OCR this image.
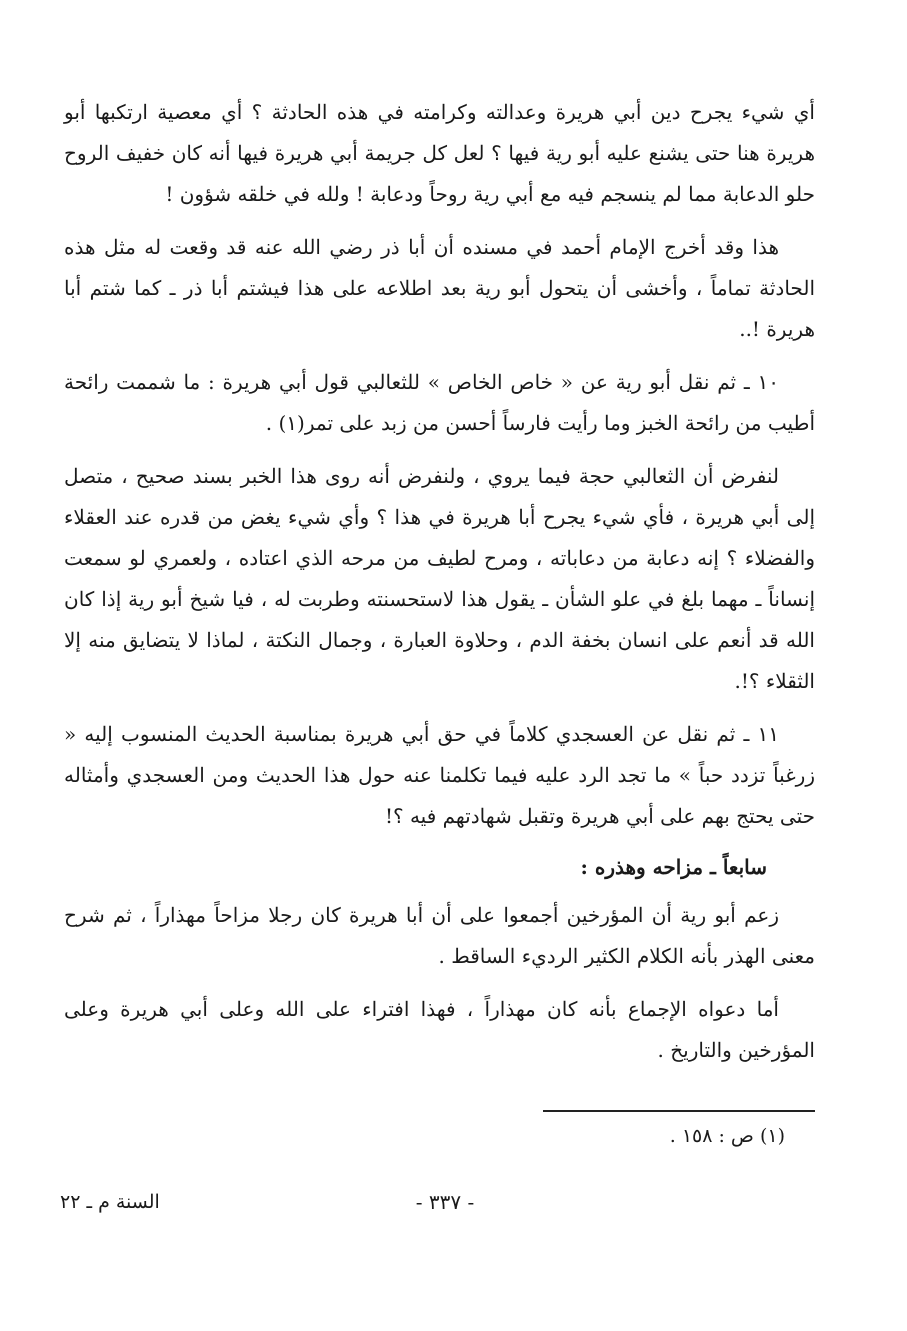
أي شيء يجرح دين أبي هريرة وعدالته وكرامته في هذه الحادثة ؟ أي معصية ارتكبها أبو هريرة هنا حتى يشنع عليه أبو رية فيها ؟ لعل كل جريمة أبي هريرة فيها أنه كان خفيف الروح حلو الدعابة مما لم ينسجم فيه مع أبي رية روحاً ودعابة ! ولله في خلقه شؤون !

هذا وقد أخرج الإمام أحمد في مسنده أن أبا ذر رضي الله عنه قد وقعت له مثل هذه الحادثة تماماً ، وأخشى أن يتحول أبو رية بعد اطلاعه على هذا فيشتم أبا ذر ـ كما شتم أبا هريرة !..

١٠ ـ ثم نقل أبو رية عن « خاص الخاص » للثعالبي قول أبي هريرة : ما شممت رائحة أطيب من رائحة الخبز وما رأيت فارساً أحسن من زبد على تمر(١) .

لنفرض أن الثعالبي حجة فيما يروي ، ولنفرض أنه روى هذا الخبر بسند صحيح ، متصل إلى أبي هريرة ، فأي شيء يجرح أبا هريرة في هذا ؟ وأي شيء يغض من قدره عند العقلاء والفضلاء ؟ إنه دعابة من دعاباته ، ومرح لطيف من مرحه الذي اعتاده ، ولعمري لو سمعت إنساناً ـ مهما بلغ في علو الشأن ـ يقول هذا لاستحسنته وطربت له ، فيا شيخ أبو رية إذا كان الله قد أنعم على انسان بخفة الدم ، وحلاوة العبارة ، وجمال النكتة ، لماذا لا يتضايق منه إلا الثقلاء ؟!.

١١ ـ ثم نقل عن العسجدي كلاماً في حق أبي هريرة بمناسبة الحديث المنسوب إليه « زرغباً تزدد حباً » ما تجد الرد عليه فيما تكلمنا عنه حول هذا الحديث ومن العسجدي وأمثاله حتى يحتج بهم على أبي هريرة وتقبل شهادتهم فيه ؟!

سابعاً ـ مزاحه وهذره :

زعم أبو رية أن المؤرخين أجمعوا على أن أبا هريرة كان رجلا مزاحاً مهذاراً ، ثم شرح معنى الهذر بأنه الكلام الكثير الرديء الساقط .

أما دعواه الإجماع بأنه كان مهذاراً ، فهذا افتراء على الله وعلى أبي هريرة وعلى المؤرخين والتاريخ .

(١) ص : ١٥٨ .
- ٣٣٧ -
السنة م ـ ٢٢
